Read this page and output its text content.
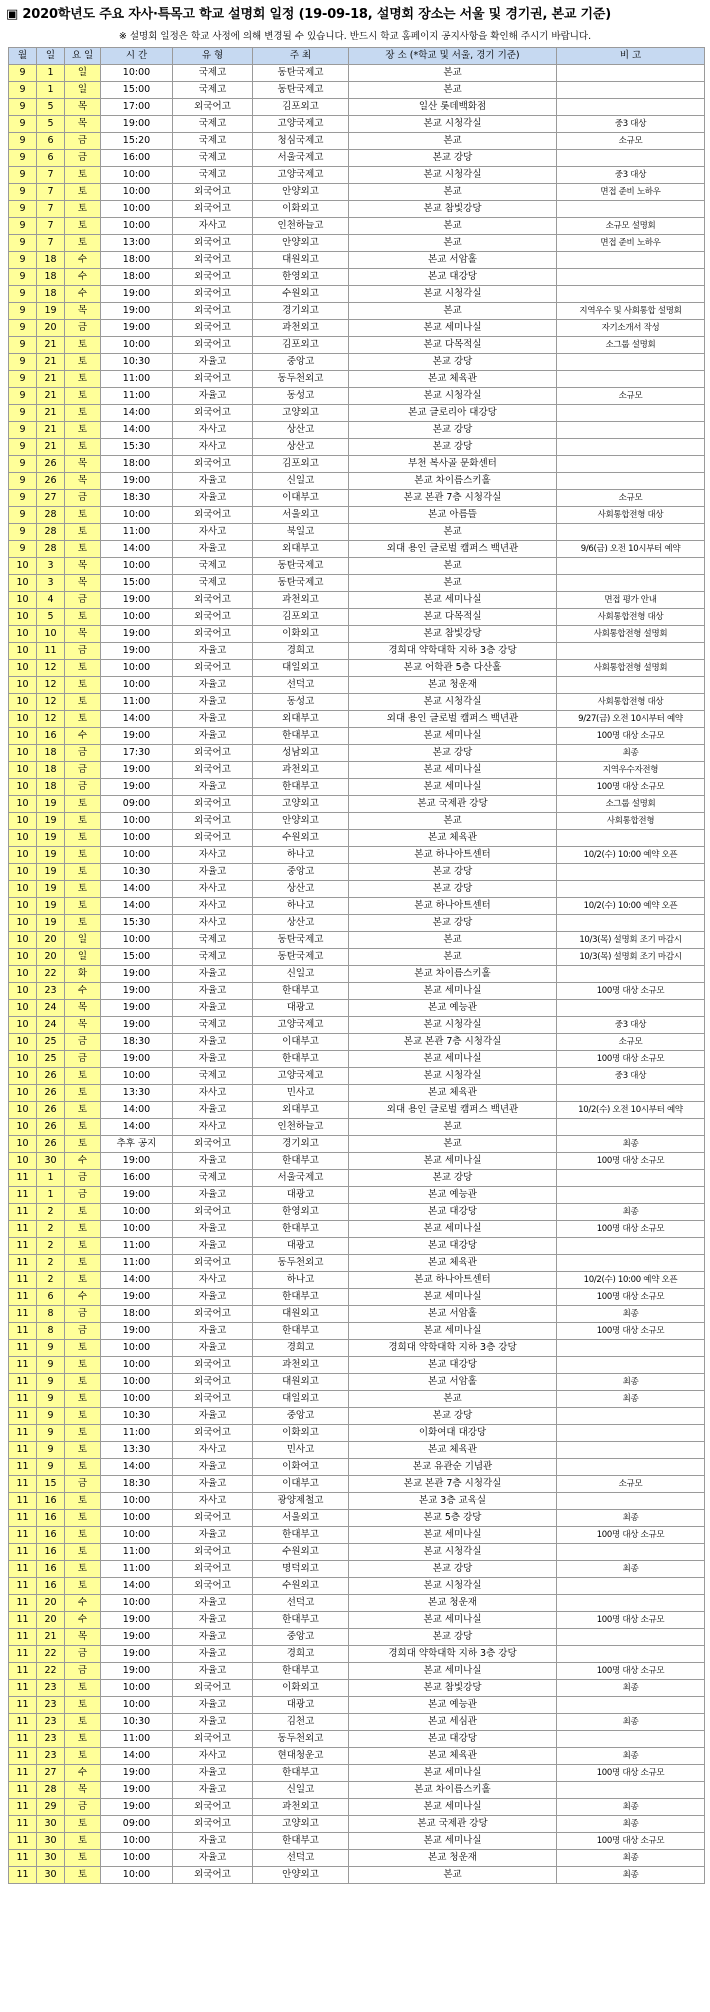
▣ 2020학년도 주요 자사·특목고 학교 설명회 일정 (19-09-18, 설명회 장소는 서울 및 경기권, 본교 기준)
※ 설명회 일정은 학교 사정에 의해 변경될 수 있습니다. 반드시 학교 홈페이지 공지사항을 확인해 주시기 바랍니다.
월	일	요 일	시 간	유 형	주 최	장 소 (*학교 및 서울, 경기 기준)	비 고
9	1	일	10:00	국제고	동탄국제고	본교	
9	1	일	15:00	국제고	동탄국제고	본교	
9	5	목	17:00	외국어고	김포외고	일산 롯데백화점	
9	5	목	19:00	국제고	고양국제고	본교 시청각실	중3 대상
9	6	금	15:20	국제고	청심국제고	본교	소규모
9	6	금	16:00	국제고	서울국제고	본교 강당	
9	7	토	10:00	국제고	고양국제고	본교 시청각실	중3 대상
9	7	토	10:00	외국어고	안양외고	본교	면접 준비 노하우
9	7	토	10:00	외국어고	이화외고	본교 참빛강당	
9	7	토	10:00	자사고	인천하늘고	본교	소규모 설명회
9	7	토	13:00	외국어고	안양외고	본교	면접 준비 노하우
9	18	수	18:00	외국어고	대원외고	본교 서암홀	
9	18	수	18:00	외국어고	한영외고	본교 대강당	
9	18	수	19:00	외국어고	수원외고	본교 시청각실	
9	19	목	19:00	외국어고	경기외고	본교	지역우수 및 사회통합 설명회
9	20	금	19:00	외국어고	과천외고	본교 세미나실	자기소개서 작성
9	21	토	10:00	외국어고	김포외고	본교 다목적실	소그룹 설명회
9	21	토	10:30	자율고	중앙고	본교 강당	
9	21	토	11:00	외국어고	동두천외고	본교 체육관	
9	21	토	11:00	자율고	동성고	본교 시청각실	소규모
9	21	토	14:00	외국어고	고양외고	본교 글로리아 대강당	
9	21	토	14:00	자사고	상산고	본교 강당	
9	21	토	15:30	자사고	상산고	본교 강당	
9	26	목	18:00	외국어고	김포외고	부천 복사골 문화센터	
9	26	목	19:00	자율고	신일고	본교 차이름스키홀	
9	27	금	18:30	자율고	이대부고	본교 본관 7층 시청각실	소규모
9	28	토	10:00	외국어고	서울외고	본교 아름뜰	사회통합전형 대상
9	28	토	11:00	자사고	북일고	본교	
9	28	토	14:00	자율고	외대부고	외대 용인 글로벌 캠퍼스 백년관	9/6(금) 오전 10시부터 예약
10	3	목	10:00	국제고	동탄국제고	본교	
10	3	목	15:00	국제고	동탄국제고	본교	
10	4	금	19:00	외국어고	과천외고	본교 세미나실	면접 평가 안내
10	5	토	10:00	외국어고	김포외고	본교 다목적실	사회통합전형 대상
10	10	목	19:00	외국어고	이화외고	본교 참빛강당	사회통합전형 설명회
10	11	금	19:00	자율고	경희고	경희대 약학대학 지하 3층 강당	
10	12	토	10:00	외국어고	대일외고	본교 어학관 5층 다산홀	사회통합전형 설명회
10	12	토	10:00	자율고	선덕고	본교 청운재	
10	12	토	11:00	자율고	동성고	본교 시청각실	사회통합전형 대상
10	12	토	14:00	자율고	외대부고	외대 용인 글로벌 캠퍼스 백년관	9/27(금) 오전 10시부터 예약
10	16	수	19:00	자율고	한대부고	본교 세미나실	100명 대상 소규모
10	18	금	17:30	외국어고	성남외고	본교 강당	최종
10	18	금	19:00	외국어고	과천외고	본교 세미나실	지역우수자전형
10	18	금	19:00	자율고	한대부고	본교 세미나실	100명 대상 소규모
10	19	토	09:00	외국어고	고양외고	본교 국제관 강당	소그룹 설명회
10	19	토	10:00	외국어고	안양외고	본교	사회통합전형
10	19	토	10:00	외국어고	수원외고	본교 체육관	
10	19	토	10:00	자사고	하나고	본교 하나아트센터	10/2(수) 10:00 예약 오픈
10	19	토	10:30	자율고	중앙고	본교 강당	
10	19	토	14:00	자사고	상산고	본교 강당	
10	19	토	14:00	자사고	하나고	본교 하나아트센터	10/2(수) 10:00 예약 오픈
10	19	토	15:30	자사고	상산고	본교 강당	
10	20	일	10:00	국제고	동탄국제고	본교	10/3(목) 설명회 조기 마감시
10	20	일	15:00	국제고	동탄국제고	본교	10/3(목) 설명회 조기 마감시
10	22	화	19:00	자율고	신일고	본교 차이름스키홀	
10	23	수	19:00	자율고	한대부고	본교 세미나실	100명 대상 소규모
10	24	목	19:00	자율고	대광고	본교 예능관	
10	24	목	19:00	국제고	고양국제고	본교 시청각실	중3 대상
10	25	금	18:30	자율고	이대부고	본교 본관 7층 시청각실	소규모
10	25	금	19:00	자율고	한대부고	본교 세미나실	100명 대상 소규모
10	26	토	10:00	국제고	고양국제고	본교 시청각실	중3 대상
10	26	토	13:30	자사고	민사고	본교 체육관	
10	26	토	14:00	자율고	외대부고	외대 용인 글로벌 캠퍼스 백년관	10/2(수) 오전 10시부터 예약
10	26	토	14:00	자사고	인천하늘고	본교	
10	26	토	추후 공지	외국어고	경기외고	본교	최종
10	30	수	19:00	자율고	한대부고	본교 세미나실	100명 대상 소규모
11	1	금	16:00	국제고	서울국제고	본교 강당	
11	1	금	19:00	자율고	대광고	본교 예능관	
11	2	토	10:00	외국어고	한영외고	본교 대강당	최종
11	2	토	10:00	자율고	한대부고	본교 세미나실	100명 대상 소규모
11	2	토	11:00	자율고	대광고	본교 대강당	
11	2	토	11:00	외국어고	동두천외고	본교 체육관	
11	2	토	14:00	자사고	하나고	본교 하나아트센터	10/2(수) 10:00 예약 오픈
11	6	수	19:00	자율고	한대부고	본교 세미나실	100명 대상 소규모
11	8	금	18:00	외국어고	대원외고	본교 서암홀	최종
11	8	금	19:00	자율고	한대부고	본교 세미나실	100명 대상 소규모
11	9	토	10:00	자율고	경희고	경희대 약학대학 지하 3층 강당	
11	9	토	10:00	외국어고	과천외고	본교 대강당	
11	9	토	10:00	외국어고	대원외고	본교 서암홀	최종
11	9	토	10:00	외국어고	대일외고	본교	최종
11	9	토	10:30	자율고	중앙고	본교 강당	
11	9	토	11:00	외국어고	이화외고	이화여대 대강당	
11	9	토	13:30	자사고	민사고	본교 체육관	
11	9	토	14:00	자율고	이화여고	본교 유관순 기념관	
11	15	금	18:30	자율고	이대부고	본교 본관 7층 시청각실	소규모
11	16	토	10:00	자사고	광양제철고	본교 3층 교육실	
11	16	토	10:00	외국어고	서울외고	본교 5층 강당	최종
11	16	토	10:00	자율고	한대부고	본교 세미나실	100명 대상 소규모
11	16	토	11:00	외국어고	수원외고	본교 시청각실	
11	16	토	11:00	외국어고	명덕외고	본교 강당	최종
11	16	토	14:00	외국어고	수원외고	본교 시청각실	
11	20	수	10:00	자율고	선덕고	본교 청운재	
11	20	수	19:00	자율고	한대부고	본교 세미나실	100명 대상 소규모
11	21	목	19:00	자율고	중앙고	본교 강당	
11	22	금	19:00	자율고	경희고	경희대 약학대학 지하 3층 강당	
11	22	금	19:00	자율고	한대부고	본교 세미나실	100명 대상 소규모
11	23	토	10:00	외국어고	이화외고	본교 참빛강당	최종
11	23	토	10:00	자율고	대광고	본교 예능관	
11	23	토	10:30	자율고	김천고	본교 세심관	최종
11	23	토	11:00	외국어고	동두천외고	본교 대강당	
11	23	토	14:00	자사고	현대청운고	본교 체육관	최종
11	27	수	19:00	자율고	한대부고	본교 세미나실	100명 대상 소규모
11	28	목	19:00	자율고	신일고	본교 차이름스키홀	
11	29	금	19:00	외국어고	과천외고	본교 세미나실	최종
11	30	토	09:00	외국어고	고양외고	본교 국제관 강당	최종
11	30	토	10:00	자율고	한대부고	본교 세미나실	100명 대상 소규모
11	30	토	10:00	자율고	선덕고	본교 청운재	최종
11	30	토	10:00	외국어고	안양외고	본교	최종
